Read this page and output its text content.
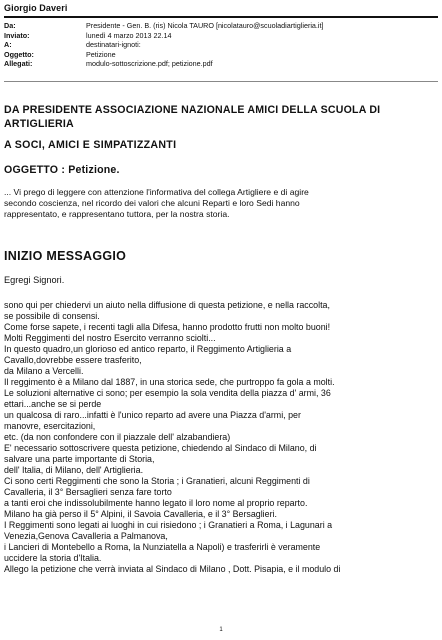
Giorgio Daveri
Da:	Presidente - Gen. B. (ris) Nicola TAURO [nicolatauro@scuoladiartiglieria.it]
Inviato:	lunedì 4 marzo 2013 22.14
A:	destinatari-ignoti:
Oggetto:	Petizione
Allegati:	modulo-sottoscrizione.pdf; petizione.pdf
DA PRESIDENTE ASSOCIAZIONE NAZIONALE AMICI DELLA SCUOLA DI
ARTIGLIERIA
A SOCI, AMICI E SIMPATIZZANTI
OGGETTO : Petizione.

... Vi prego di leggere con attenzione l'informativa del collega Artigliere e di agire

secondo coscienza, nel ricordo dei valori che alcuni Reparti e loro Sedi hanno

rappresentato, e rappresentano tuttora, per la nostra storia.

INIZIO MESSAGGIO
Egregi Signori.

sono qui per chiedervi un aiuto nella diffusione di questa petizione, e nella raccolta,

se possibile di consensi.

Come forse sapete, i recenti tagli alla Difesa, hanno prodotto frutti non molto buoni!

Molti Reggimenti del nostro Esercito verranno sciolti...

In questo quadro,un glorioso ed antico reparto, il Reggimento Artiglieria a

Cavallo,dovrebbe essere trasferito,

da Milano a Vercelli.

Il reggimento è a Milano dal 1887, in una storica sede, che purtroppo fa gola a molti.

Le soluzioni alternative ci sono; per esempio la sola vendita della piazza d' armi, 36

ettari...anche se si perde

un qualcosa di raro...infatti è l'unico reparto ad avere una Piazza d'armi, per

manovre, esercitazioni,

etc. (da non confondere con il piazzale dell' alzabandiera)

E' necessario sottoscrivere questa petizione, chiedendo al Sindaco di Milano, di

salvare una parte importante di Storia,

dell' Italia, di Milano, dell' Artiglieria.

Ci sono certi Reggimenti che sono la Storia ; i Granatieri, alcuni Reggimenti di

Cavalleria, il 3° Bersaglieri senza fare torto

a tanti eroi che indissolubilmente hanno legato il loro nome al proprio reparto.

Milano ha già perso il 5° Alpini, il Savoia Cavalleria, e il 3° Bersaglieri.

I Reggimenti sono legati ai luoghi in cui risiedono ; i Granatieri a Roma, i Lagunari a

Venezia,Genova Cavalleria a Palmanova,

i Lancieri di Montebello a Roma, la Nunziatella a Napoli) e trasferirli è veramente

uccidere la storia d'Italia.

Allego la petizione che verrà inviata al Sindaco di Milano , Dott. Pisapia, e il modulo di

1
